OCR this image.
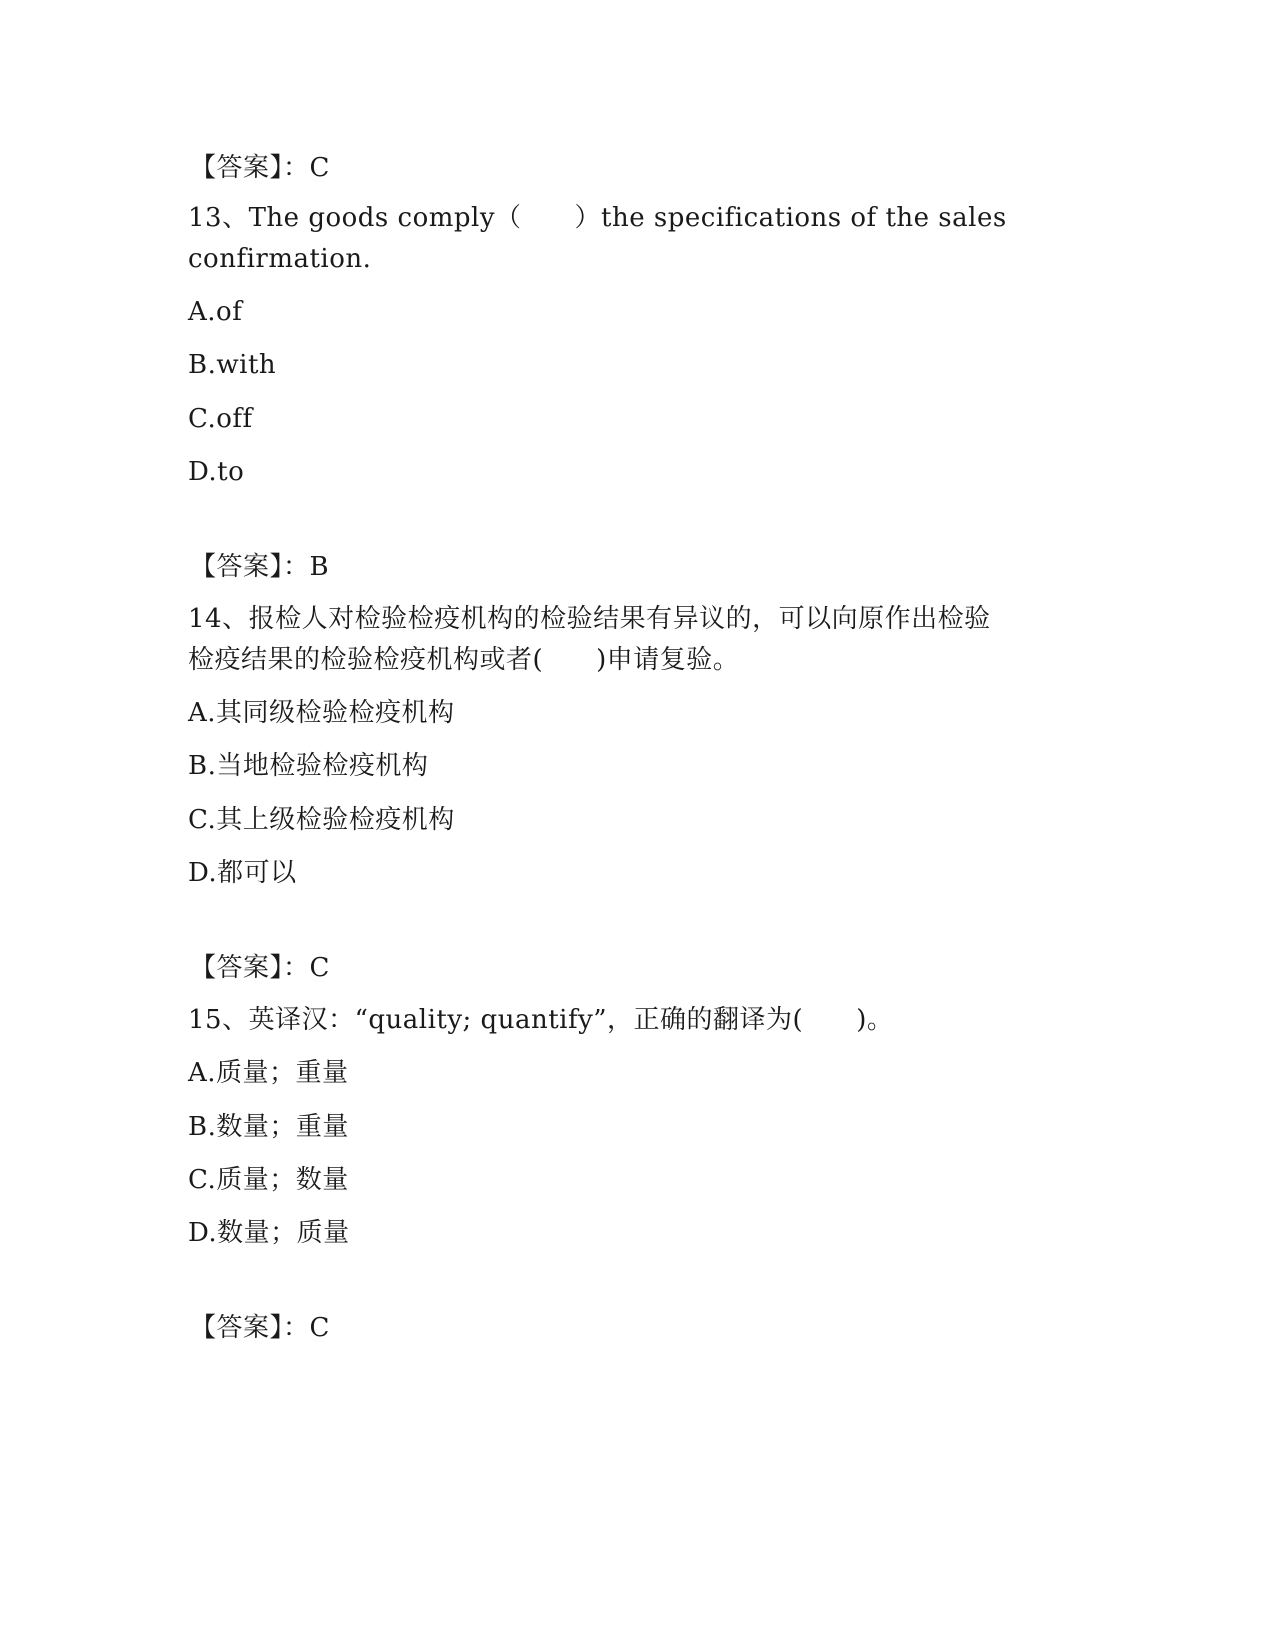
【答案】：C
13、The goods comply（　　）the specifications of the sales
confirmation.
A.of
B.with
C.off
D.to
【答案】：B
14、报检人对检验检疫机构的检验结果有异议的，可以向原作出检验
检疫结果的检验检疫机构或者(　　)申请复验。
A.其同级检验检疫机构
B.当地检验检疫机构
C.其上级检验检疫机构
D.都可以
【答案】：C
15、英译汉：“quality; quantify”，正确的翻译为(　　)。
A.质量；重量
B.数量；重量
C.质量；数量
D.数量；质量
【答案】：C
